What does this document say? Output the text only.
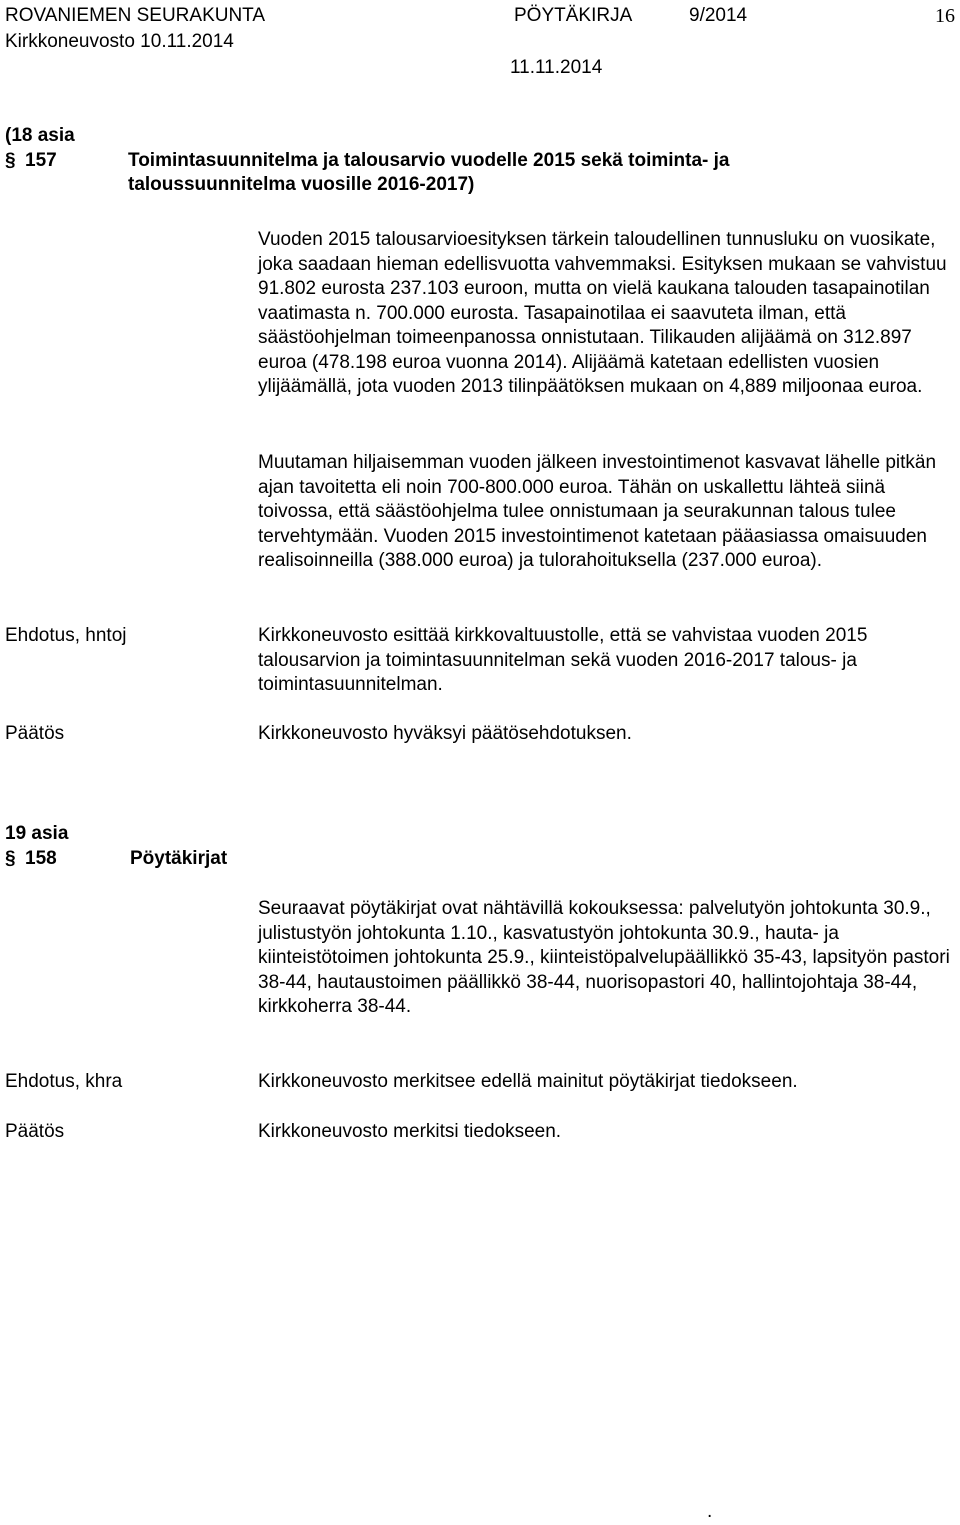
ROVANIEMEN SEURAKUNTA	PÖYTÄKIRJA	9/2014	16
Kirkkoneuvosto 10.11.2014
11.11.2014
(18 asia
§ 157	Toimintasuunnitelma ja talousarvio vuodelle 2015 sekä toiminta- ja
taloussuunnitelma vuosille 2016-2017)

Vuoden 2015 talousarvioesityksen tärkein taloudellinen tunnusluku on vuosikate, joka saadaan hieman edellisvuotta vahvemmaksi. Esityksen mukaan se vahvistuu 91.802 eurosta 237.103 euroon, mutta on vielä kaukana talouden tasapainotilan vaatimasta n. 700.000 eurosta. Tasapainotilaa ei saavuteta ilman, että säästöohjelman toimeenpanossa onnistutaan. Tilikauden alijäämä on 312.897 euroa (478.198 euroa vuonna 2014). Alijäämä katetaan edellisten vuosien ylijäämällä, jota vuoden 2013 tilinpäätöksen mukaan on 4,889 miljoonaa euroa.

Muutaman hiljaisemman vuoden jälkeen investointimenot kasvavat lähelle pitkän ajan tavoitetta eli noin 700-800.000 euroa. Tähän on uskallettu lähteä siinä toivossa, että säästöohjelma tulee onnistumaan ja seurakunnan talous tulee tervehtymään. Vuoden 2015 investointimenot katetaan pääasiassa omaisuuden realisoinneilla (388.000 euroa) ja tulorahoituksella (237.000 euroa).

Ehdotus, hntoj	Kirkkoneuvosto esittää kirkkovaltuustolle, että se vahvistaa vuoden 2015 talousarvion ja toimintasuunnitelman sekä vuoden 2016-2017 talous- ja toimintasuunnitelman.
Päätös	Kirkkoneuvosto hyväksyi päätösehdotuksen.
19 asia
§ 158	Pöytäkirjat

Seuraavat pöytäkirjat ovat nähtävillä kokouksessa: palvelutyön johtokunta 30.9., julistustyön johtokunta 1.10., kasvatustyön johtokunta 30.9., hauta- ja kiinteistötoimen johtokunta 25.9., kiinteistöpalvelupäällikkö 35-43, lapsityön pastori 38-44, hautaustoimen päällikkö 38-44, nuorisopastori 40, hallintojohtaja 38-44, kirkkoherra 38-44.

Ehdotus, khra	Kirkkoneuvosto merkitsee edellä mainitut pöytäkirjat tiedokseen.
Päätös	Kirkkoneuvosto merkitsi tiedokseen.
.
